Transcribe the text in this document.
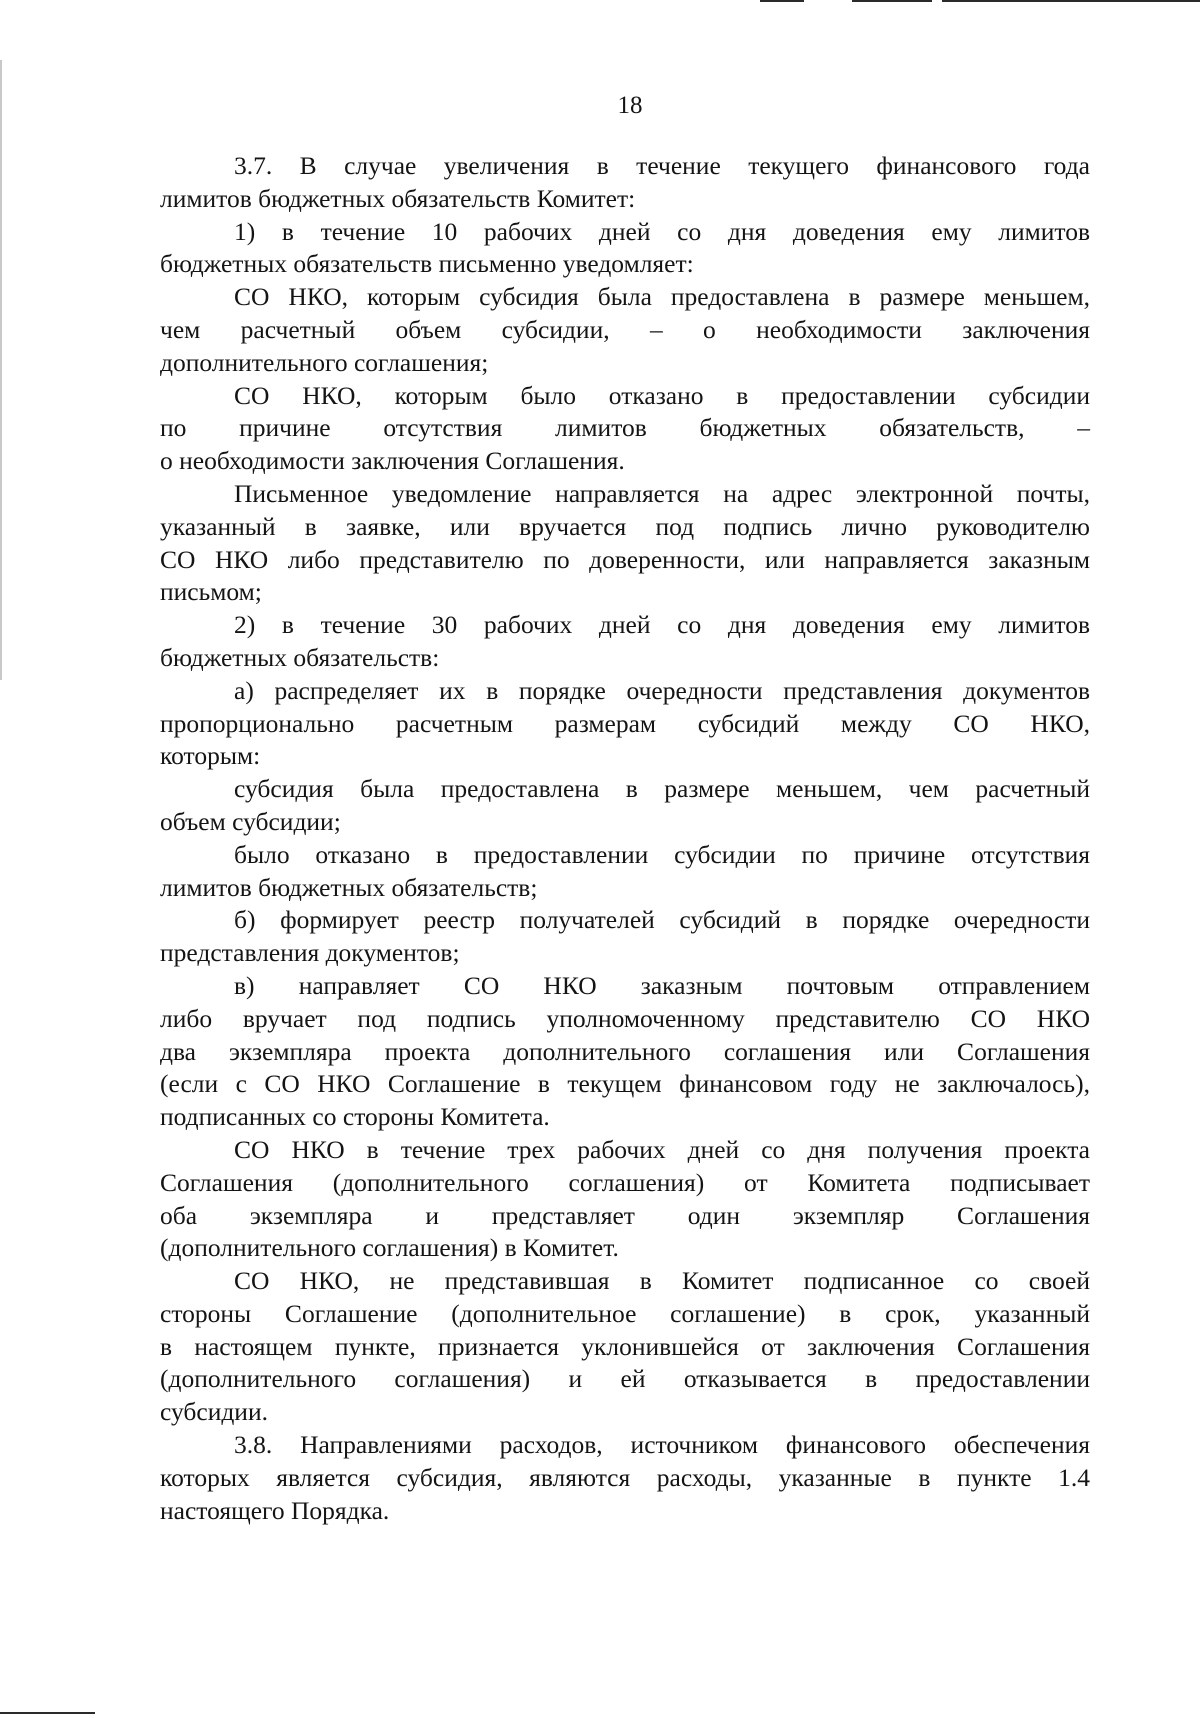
18
3.7. В случае увеличения в течение текущего финансового года
лимитов бюджетных обязательств Комитет:
1) в течение 10 рабочих дней со дня доведения ему лимитов
бюджетных обязательств письменно уведомляет:
СО НКО, которым субсидия была предоставлена в размере меньшем,
чем расчетный объем субсидии, – о необходимости заключения
дополнительного соглашения;
СО НКО, которым было отказано в предоставлении субсидии
по причине отсутствия лимитов бюджетных обязательств, –
о необходимости заключения Соглашения.
Письменное уведомление направляется на адрес электронной почты,
указанный в заявке, или вручается под подпись лично руководителю
СО НКО либо представителю по доверенности, или направляется заказным
письмом;
2) в течение 30 рабочих дней со дня доведения ему лимитов
бюджетных обязательств:
а) распределяет их в порядке очередности представления документов
пропорционально расчетным размерам субсидий между СО НКО,
которым:
субсидия была предоставлена в размере меньшем, чем расчетный
объем субсидии;
было отказано в предоставлении субсидии по причине отсутствия
лимитов бюджетных обязательств;
б) формирует реестр получателей субсидий в порядке очередности
представления документов;
в) направляет СО НКО заказным почтовым отправлением
либо вручает под подпись уполномоченному представителю СО НКО
два экземпляра проекта дополнительного соглашения или Соглашения
(если с СО НКО Соглашение в текущем финансовом году не заключалось),
подписанных со стороны Комитета.
СО НКО в течение трех рабочих дней со дня получения проекта
Соглашения (дополнительного соглашения) от Комитета подписывает
оба экземпляра и представляет один экземпляр Соглашения
(дополнительного соглашения) в Комитет.
СО НКО, не представившая в Комитет подписанное со своей
стороны Соглашение (дополнительное соглашение) в срок, указанный
в настоящем пункте, признается уклонившейся от заключения Соглашения
(дополнительного соглашения) и ей отказывается в предоставлении
субсидии.
3.8. Направлениями расходов, источником финансового обеспечения
которых является субсидия, являются расходы, указанные в пункте 1.4
настоящего Порядка.
